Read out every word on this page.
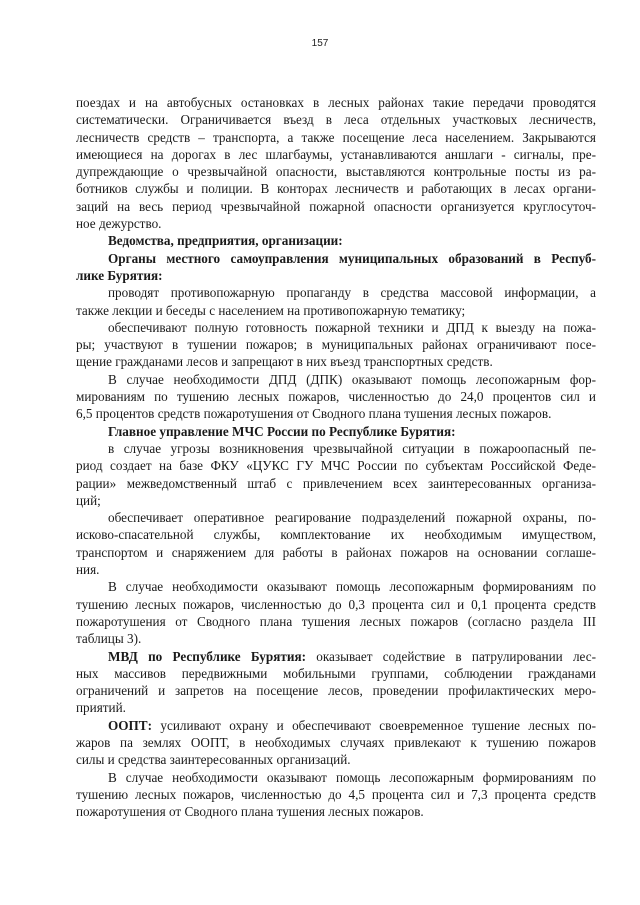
157
поездах и на автобусных остановках в лесных районах такие передачи проводятся
систематически. Ограничивается въезд в леса отдельных участковых лесничеств,
лесничеств средств – транспорта, а также посещение леса населением. Закрываются
имеющиеся на дорогах в лес шлагбаумы, устанавливаются аншлаги - сигналы, пре-
дупреждающие о чрезвычайной опасности, выставляются контрольные посты из ра-
ботников службы и полиции. В конторах лесничеств и работающих в лесах органи-
заций на весь период чрезвычайной пожарной опасности организуется круглосуточ-
ное дежурство.
Ведомства, предприятия, организации:
Органы местного самоуправления муниципальных образований в Респуб-
лике Бурятия:
проводят противопожарную пропаганду в средства массовой информации, а
также лекции и беседы с населением на противопожарную тематику;
обеспечивают полную готовность пожарной техники и ДПД к выезду на пожа-
ры; участвуют в тушении пожаров; в муниципальных районах ограничивают посе-
щение гражданами лесов и запрещают в них въезд транспортных средств.
В случае необходимости ДПД (ДПК) оказывают помощь лесопожарным фор-
мированиям по тушению лесных пожаров, численностью до 24,0 процентов сил и
6,5 процентов средств пожаротушения от Сводного плана тушения лесных пожаров.
Главное управление МЧС России по Республике Бурятия:
в случае угрозы возникновения чрезвычайной ситуации в пожароопасный пе-
риод создает на базе ФКУ «ЦУКС ГУ МЧС России по субъектам Российской Феде-
рации» межведомственный штаб с привлечением всех заинтересованных организа-
ций;
обеспечивает оперативное реагирование подразделений пожарной охраны, по-
исково-спасательной службы, комплектование их необходимым имуществом,
транспортом и снаряжением для работы в районах пожаров на основании соглаше-
ния.
В случае необходимости оказывают помощь лесопожарным формированиям по
тушению лесных пожаров, численностью до 0,3 процента сил и 0,1 процента средств
пожаротушения от Сводного плана тушения лесных пожаров (согласно раздела III
таблицы 3).
МВД по Республике Бурятия: оказывает содействие в патрулировании лес-
ных массивов передвижными мобильными группами, соблюдении гражданами
ограничений и запретов на посещение лесов, проведении профилактических меро-
приятий.
ООПТ: усиливают охрану и обеспечивают своевременное тушение лесных по-
жаров па землях ООПТ, в необходимых случаях привлекают к тушению пожаров
силы и средства заинтересованных организаций.
В случае необходимости оказывают помощь лесопожарным формированиям по
тушению лесных пожаров, численностью до 4,5 процента сил и 7,3 процента средств
пожаротушения от Сводного плана тушения лесных пожаров.
